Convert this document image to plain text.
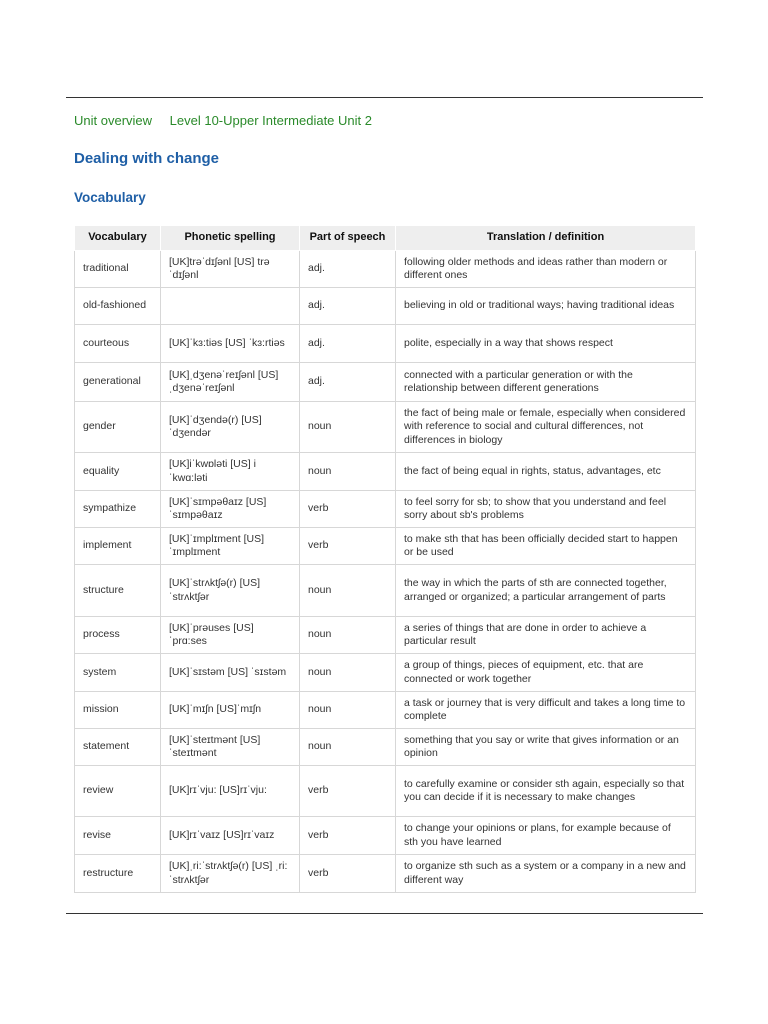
Unit overview Level 10-Upper Intermediate Unit 2
Dealing with change
Vocabulary
Vocabulary	Phonetic spelling	Part of speech	Translation / definition
traditional	[UK]trəˈdɪʃənl [US] trəˈdɪʃənl	adj.	following older methods and ideas rather than modern or different ones
old-fashioned		adj.	believing in old or traditional ways; having traditional ideas
courteous	[UK]ˈkɜ:tiəs [US] ˈkɜ:rtiəs	adj.	polite, especially in a way that shows respect
generational	[UK]ˌdʒenəˈreɪʃənl [US]ˌdʒenəˈreɪʃənl	adj.	connected with a particular generation or with the relationship between different generations
gender	[UK]ˈdʒendə(r) [US] ˈdʒendər	noun	the fact of being male or female, especially when considered with reference to social and cultural differences, not differences in biology
equality	[UK]iˈkwɒləti [US] iˈkwɑ:ləti	noun	the fact of being equal in rights, status, advantages, etc
sympathize	[UK]ˈsɪmpəθaɪz [US] ˈsɪmpəθaɪz	verb	to feel sorry for sb; to show that you understand and feel sorry about sb's problems
implement	[UK]ˈɪmplɪment [US] ˈɪmplɪment	verb	to make sth that has been officially decided start to happen or be used
structure	[UK]ˈstrʌktʃə(r) [US] ˈstrʌktʃər	noun	the way in which the parts of sth are connected together, arranged or organized; a particular arrangement of parts
process	[UK]ˈprəuses [US] ˈprɑ:ses	noun	a series of things that are done in order to achieve a particular result
system	[UK]ˈsɪstəm [US] ˈsɪstəm	noun	a group of things, pieces of equipment, etc. that are connected or work together
mission	[UK]ˈmɪʃn [US]ˈmɪʃn	noun	a task or journey that is very difficult and takes a long time to complete
statement	[UK]ˈsteɪtmənt [US] ˈsteɪtmənt	noun	something that you say or write that gives information or an opinion
review	[UK]rɪˈvju: [US]rɪˈvju:	verb	to carefully examine or consider sth again, especially so that you can decide if it is necessary to make changes
revise	[UK]rɪˈvaɪz [US]rɪˈvaɪz	verb	to change your opinions or plans, for example because of sth you have learned
restructure	[UK]ˌri:ˈstrʌktʃə(r) [US] ˌri:ˈstrʌktʃər	verb	to organize sth such as a system or a company in a new and different way
